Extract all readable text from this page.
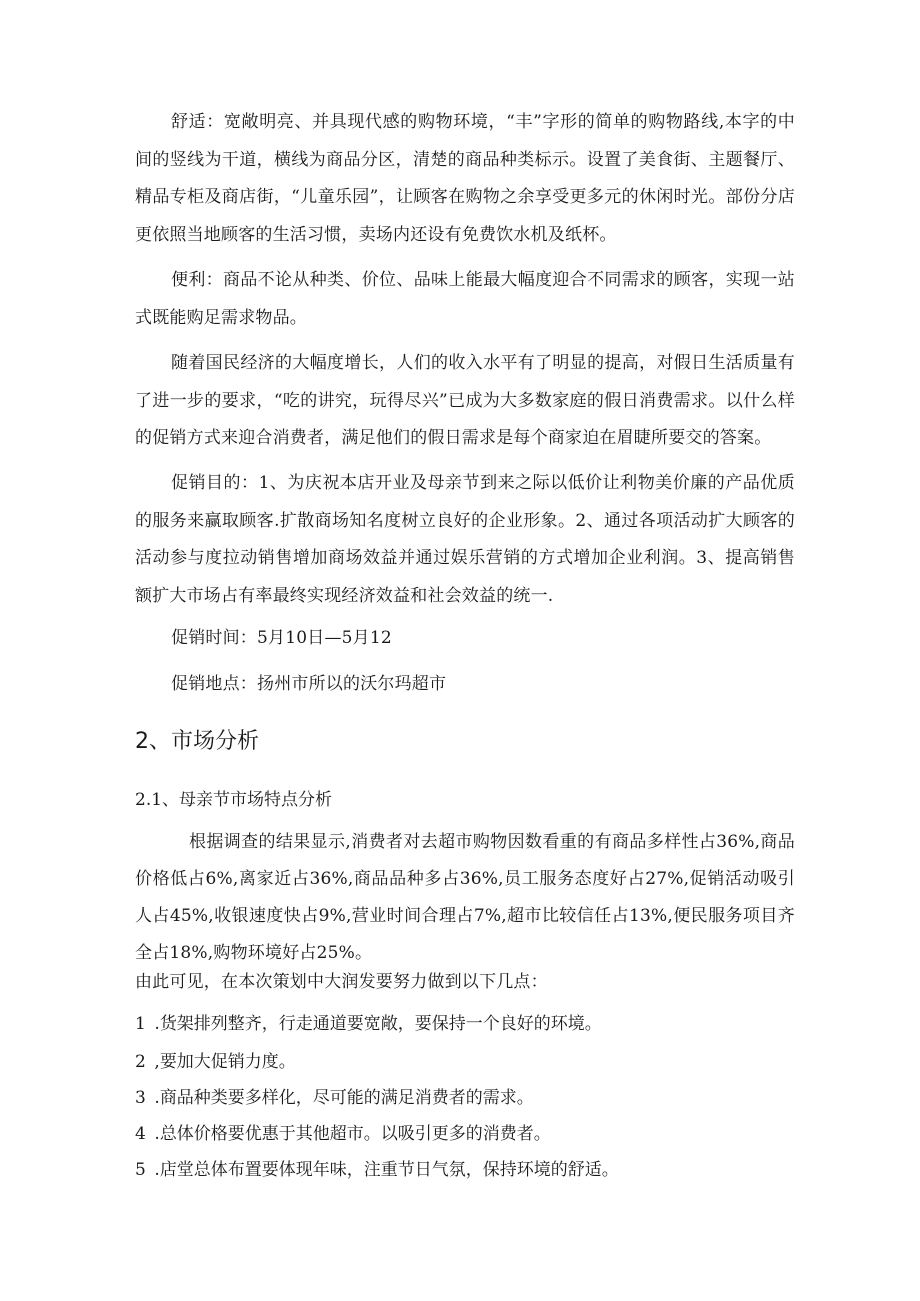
舒适：宽敞明亮、并具现代感的购物环境，“丰”字形的简单的购物路线,本字的中间的竖线为干道，横线为商品分区，清楚的商品种类标示。设置了美食街、主题餐厅、精品专柜及商店街，“儿童乐园”，让顾客在购物之余享受更多元的休闲时光。部份分店更依照当地顾客的生活习惯，卖场内还设有免费饮水机及纸杯。

便利：商品不论从种类、价位、品味上能最大幅度迎合不同需求的顾客，实现一站式既能购足需求物品。

随着国民经济的大幅度增长，人们的收入水平有了明显的提高，对假日生活质量有了进一步的要求，“吃的讲究，玩得尽兴”已成为大多数家庭的假日消费需求。以什么样的促销方式来迎合消费者，满足他们的假日需求是每个商家迫在眉睫所要交的答案。

促销目的：1、为庆祝本店开业及母亲节到来之际以低价让利物美价廉的产品优质的服务来赢取顾客.扩散商场知名度树立良好的企业形象。2、通过各项活动扩大顾客的活动参与度拉动销售增加商场效益并通过娱乐营销的方式增加企业利润。3、提高销售额扩大市场占有率最终实现经济效益和社会效益的统一.

促销时间：5月10日—5月12

促销地点：扬州市所以的沃尔玛超市

2、市场分析
2.1、母亲节市场特点分析

根据调查的结果显示,消费者对去超市购物因数看重的有商品多样性占36%,商品价格低占6%,离家近占36%,商品品种多占36%,员工服务态度好占27%,促销活动吸引人占45%,收银速度快占9%,营业时间合理占7%,超市比较信任占13%,便民服务项目齐全占18%,购物环境好占25%。

由此可见，在本次策划中大润发要努力做到以下几点：

1 .货架排列整齐，行走通道要宽敞，要保持一个良好的环境。
2 ,要加大促销力度。
3 .商品种类要多样化，尽可能的满足消费者的需求。
4 .总体价格要优惠于其他超市。以吸引更多的消费者。
5 .店堂总体布置要体现年味，注重节日气氛，保持环境的舒适。
